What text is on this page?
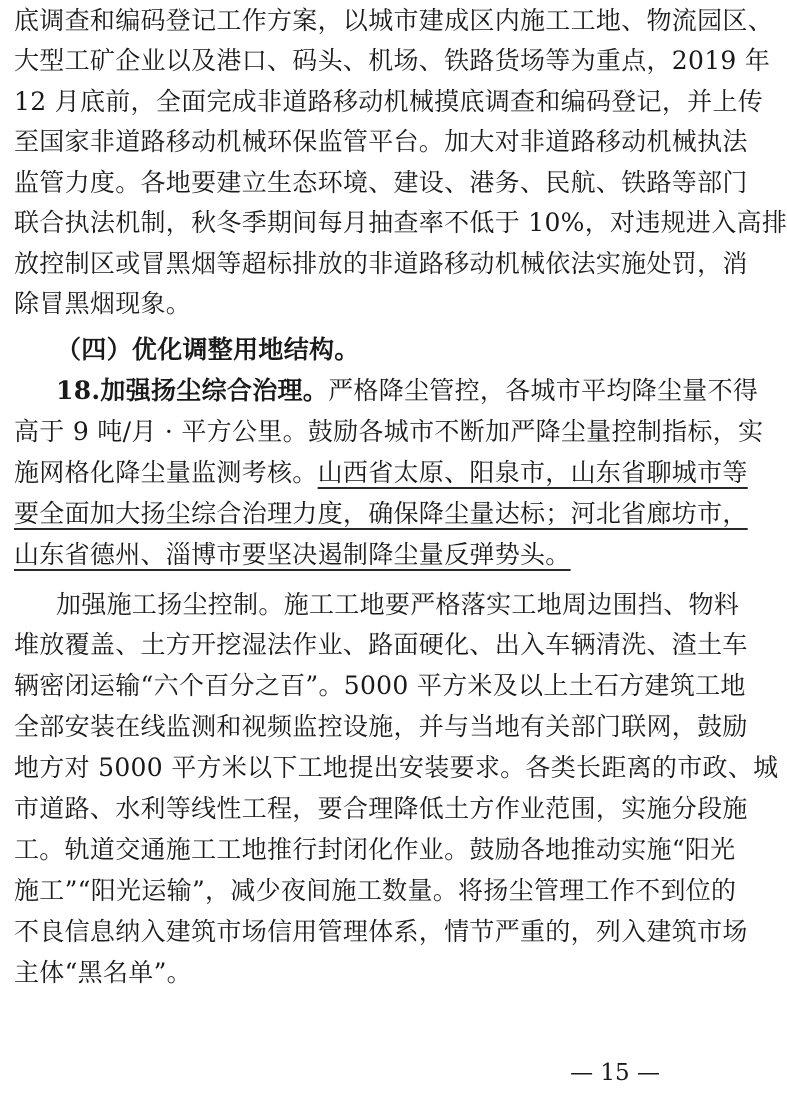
底调查和编码登记工作方案，以城市建成区内施工工地、物流园区、
大型工矿企业以及港口、码头、机场、铁路货场等为重点，2019 年
12 月底前，全面完成非道路移动机械摸底调查和编码登记，并上传
至国家非道路移动机械环保监管平台。加大对非道路移动机械执法
监管力度。各地要建立生态环境、建设、港务、民航、铁路等部门
联合执法机制，秋冬季期间每月抽查率不低于 10%，对违规进入高排
放控制区或冒黑烟等超标排放的非道路移动机械依法实施处罚，消
除冒黑烟现象。
（四）优化调整用地结构。
18.加强扬尘综合治理。严格降尘管控，各城市平均降尘量不得
高于 9 吨/月 · 平方公里。鼓励各城市不断加严降尘量控制指标，实
施网格化降尘量监测考核。山西省太原、阳泉市，山东省聊城市等
要全面加大扬尘综合治理力度，确保降尘量达标；河北省廊坊市，
山东省德州、淄博市要坚决遏制降尘量反弹势头。
加强施工扬尘控制。施工工地要严格落实工地周边围挡、物料
堆放覆盖、土方开挖湿法作业、路面硬化、出入车辆清洗、渣土车
辆密闭运输“六个百分之百”。5000 平方米及以上土石方建筑工地
全部安装在线监测和视频监控设施，并与当地有关部门联网，鼓励
地方对 5000 平方米以下工地提出安装要求。各类长距离的市政、城
市道路、水利等线性工程，要合理降低土方作业范围，实施分段施
工。轨道交通施工工地推行封闭化作业。鼓励各地推动实施“阳光
施工”“阳光运输”，减少夜间施工数量。将扬尘管理工作不到位的
不良信息纳入建筑市场信用管理体系，情节严重的，列入建筑市场
主体“黑名单”。
— 15 —
